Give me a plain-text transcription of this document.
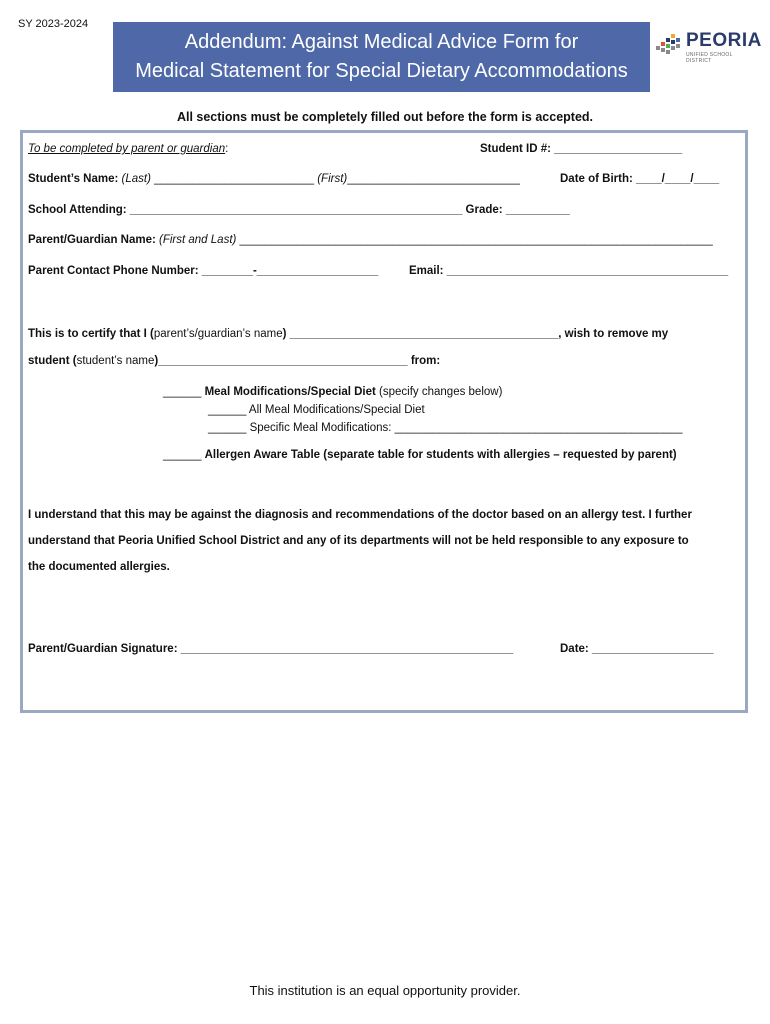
SY 2023-2024
Addendum: Against Medical Advice Form for
Medical Statement for Special Dietary Accommodations
PEORIA
UNIFIED SCHOOL DISTRICT
All sections must be completely filled out before the form is accepted.
To be completed by parent or guardian:	Student ID #: ____________________
Student’s Name: (Last) _________________________ (First)___________________________	Date of Birth: ____/____/____
School Attending: ____________________________________________________ Grade: __________
Parent/Guardian Name: (First and Last) __________________________________________________________________________
Parent Contact Phone Number: ________-___________________	Email: ____________________________________________
This is to certify that I (parent’s/guardian’s name) __________________________________________, wish to remove my
student (student’s name)_______________________________________ from:
______ Meal Modifications/Special Diet (specify changes below)
______ All Meal Modifications/Special Diet
______ Specific Meal Modifications: _____________________________________________
______ Allergen Aware Table (separate table for students with allergies – requested by parent)
I understand that this may be against the diagnosis and recommendations of the doctor based on an allergy test. I further
understand that Peoria Unified School District and any of its departments will not be held responsible to any exposure to
the documented allergies.
Parent/Guardian Signature: ____________________________________________________	Date: ___________________
This institution is an equal opportunity provider.
